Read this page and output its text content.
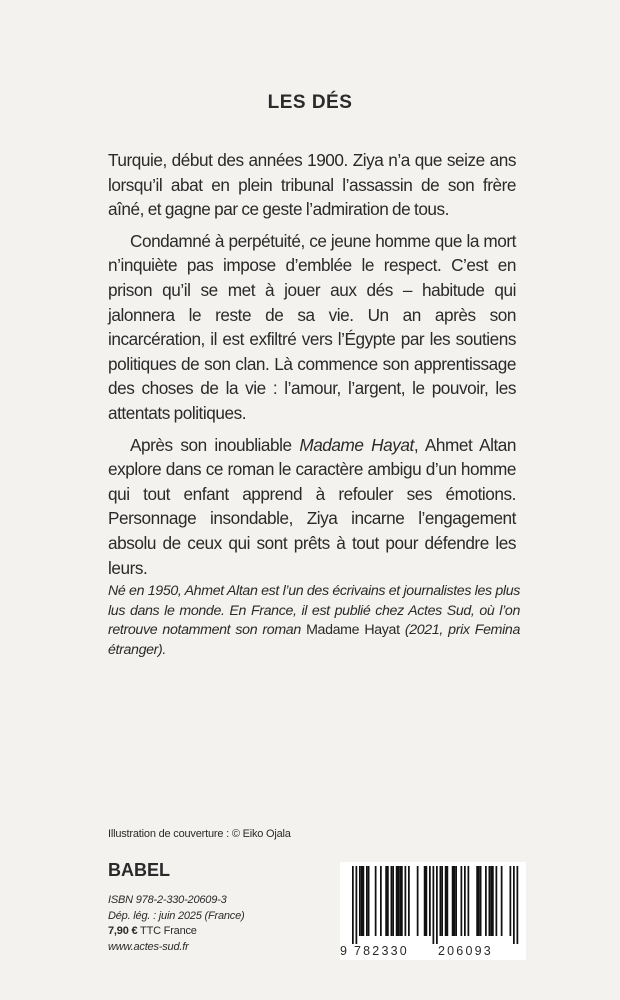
LES DÉS

Turquie, début des années 1900. Ziya n’a que seize ans lorsqu’il abat en plein tribunal l’assassin de son frère aîné, et gagne par ce geste l’admiration de tous.

Condamné à perpétuité, ce jeune homme que la mort n’inquiète pas impose d’emblée le respect. C’est en prison qu’il se met à jouer aux dés – habitude qui jalonnera le reste de sa vie. Un an après son incarcération, il est exfiltré vers l’Égypte par les soutiens politiques de son clan. Là commence son apprentissage des choses de la vie : l’amour, l’argent, le pouvoir, les attentats politiques.

Après son inoubliable Madame Hayat, Ahmet Altan explore dans ce roman le caractère ambigu d’un homme qui tout enfant apprend à refouler ses émotions. Personnage insondable, Ziya incarne l’engagement absolu de ceux qui sont prêts à tout pour défendre les leurs.

Né en 1950, Ahmet Altan est l’un des écrivains et journalistes les plus lus dans le monde. En France, il est publié chez Actes Sud, où l’on retrouve notamment son roman Madame Hayat (2021, prix Femina étranger).
Illustration de couverture : © Eiko Ojala
BABEL
ISBN 978-2-330-20609-3
Dép. lég. : juin 2025 (France)
7,90 € TTC France
www.actes-sud.fr	9 782330 206093
